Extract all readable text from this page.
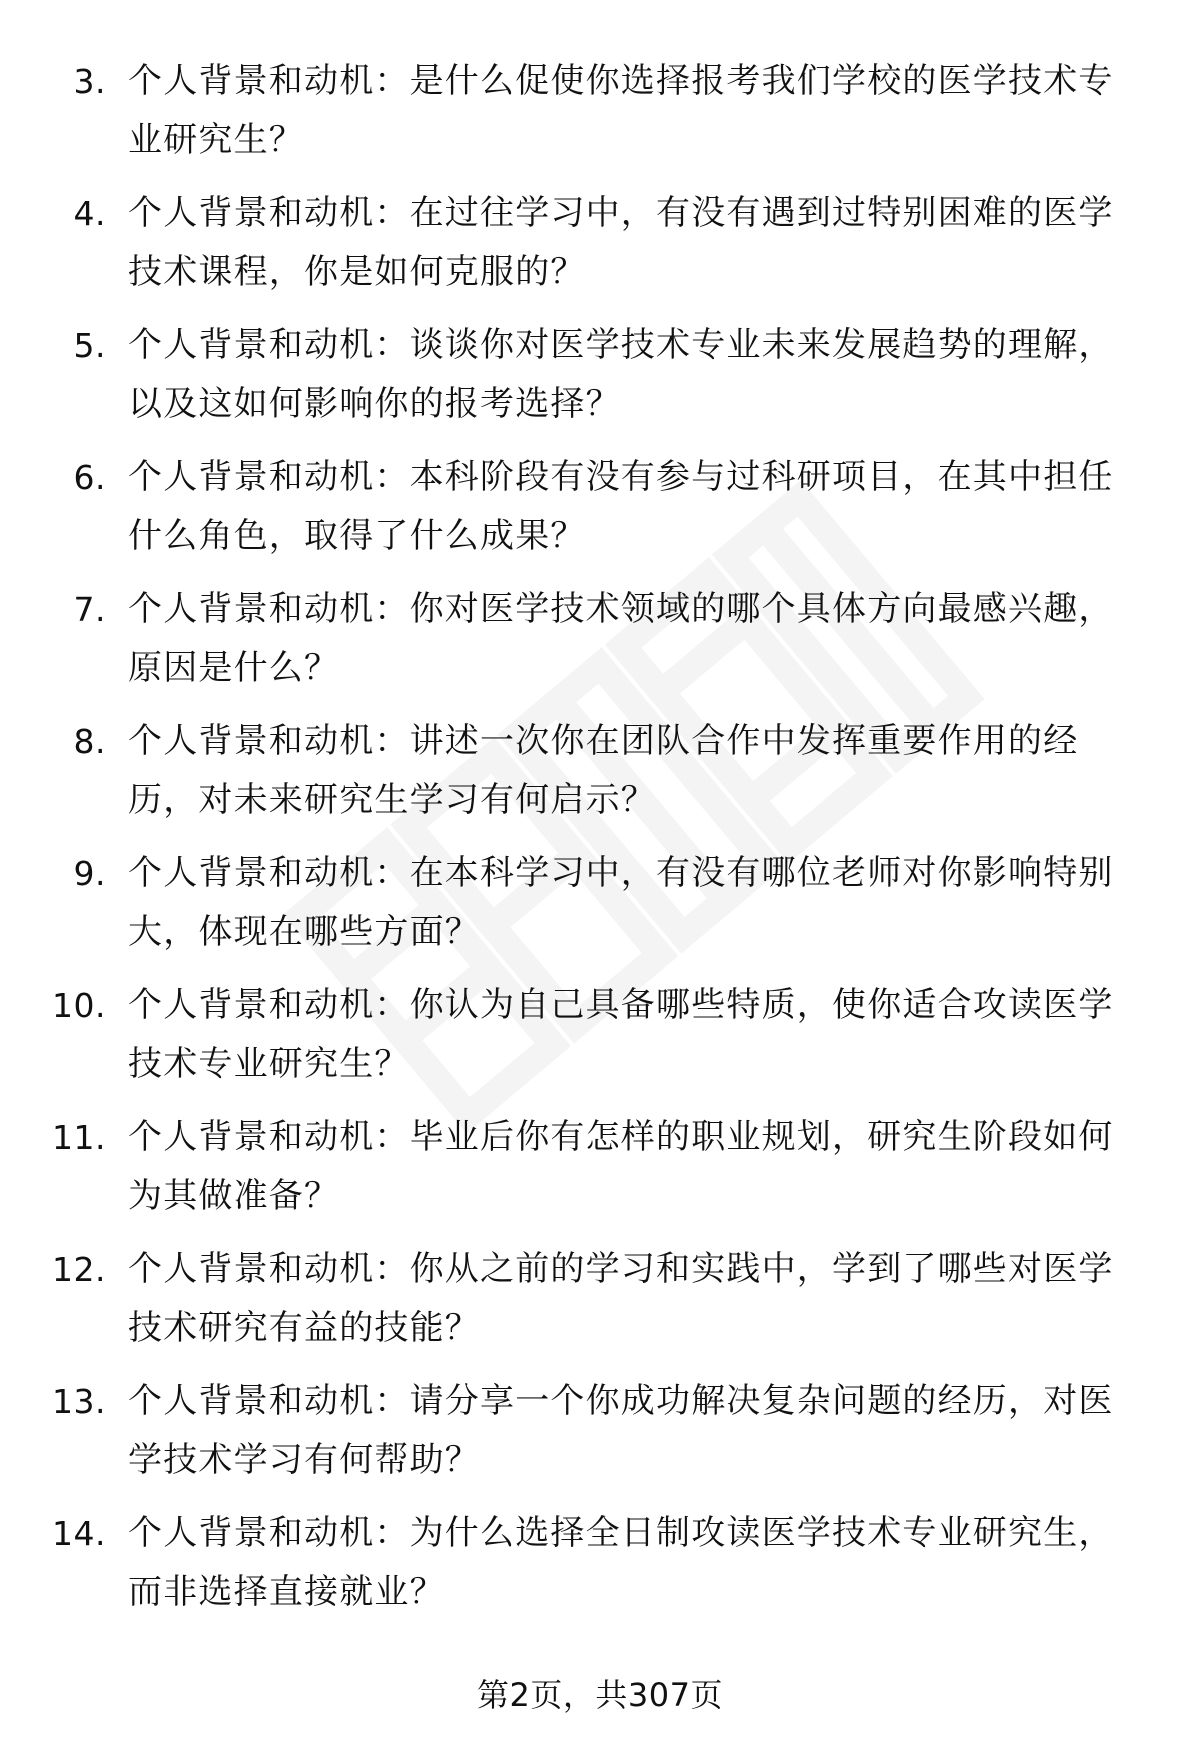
3. 个人背景和动机：是什么促使你选择报考我们学校的医学技术专业研究生？
4. 个人背景和动机：在过往学习中，有没有遇到过特别困难的医学技术课程，你是如何克服的？
5. 个人背景和动机：谈谈你对医学技术专业未来发展趋势的理解，以及这如何影响你的报考选择？
6. 个人背景和动机：本科阶段有没有参与过科研项目，在其中担任什么角色，取得了什么成果？
7. 个人背景和动机：你对医学技术领域的哪个具体方向最感兴趣，原因是什么？
8. 个人背景和动机：讲述一次你在团队合作中发挥重要作用的经历，对未来研究生学习有何启示？
9. 个人背景和动机：在本科学习中，有没有哪位老师对你影响特别大，体现在哪些方面？
10. 个人背景和动机：你认为自己具备哪些特质，使你适合攻读医学技术专业研究生？
11. 个人背景和动机：毕业后你有怎样的职业规划，研究生阶段如何为其做准备？
12. 个人背景和动机：你从之前的学习和实践中，学到了哪些对医学技术研究有益的技能？
13. 个人背景和动机：请分享一个你成功解决复杂问题的经历，对医学技术学习有何帮助？
14. 个人背景和动机：为什么选择全日制攻读医学技术专业研究生，而非选择直接就业？
第2页，共307页
